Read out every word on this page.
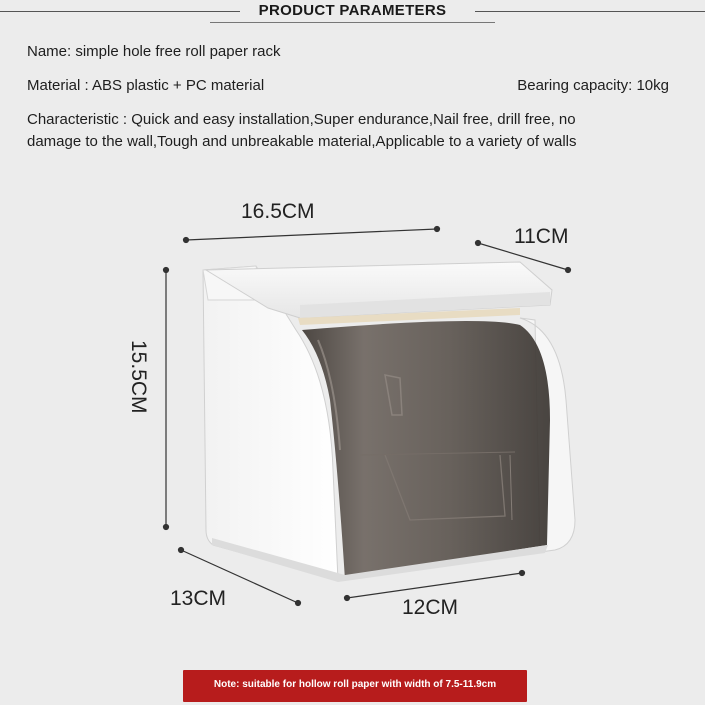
PRODUCT PARAMETERS
Name: simple hole free roll paper rack
Material : ABS plastic + PC material	Bearing capacity: 10kg
Characteristic : Quick and easy installation,Super endurance,Nail free, drill free, no
damage to the wall,Tough and unbreakable material,Applicable to a variety of walls
16.5CM
11CM
15.5CM
13CM	12CM
Note: suitable for hollow roll paper with width of 7.5-11.9cm
